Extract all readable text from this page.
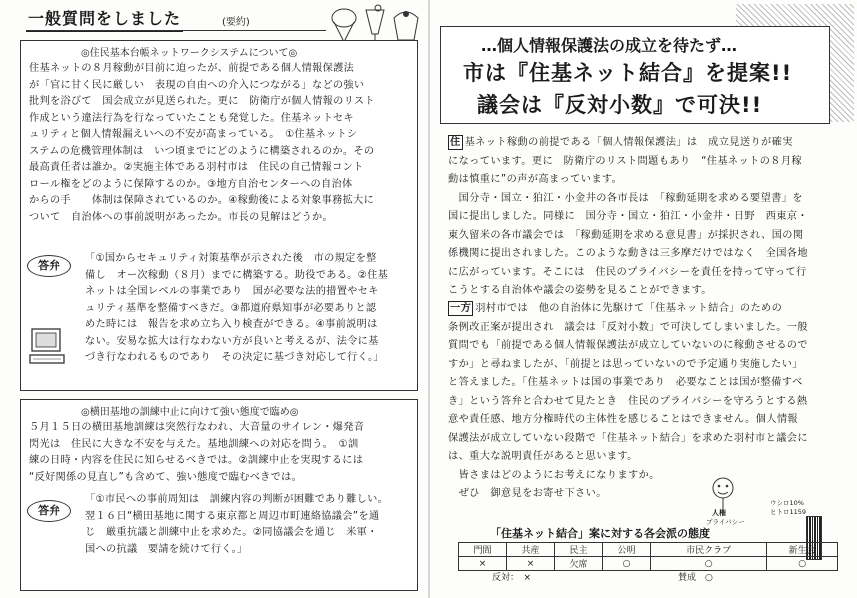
一般質問をしました	(要約)
◎住民基本台帳ネットワークシステムについて◎
住基ネットの８月稼動が目前に迫ったが、前提である個人情報保護法
が「官に甘く民に厳しい　表現の自由への介入につながる」などの強い
批判を浴びて　国会成立が見送られた。更に　防衛庁が個人情報のリスト
作成という違法行為を行なっていたことも発覚した。住基ネットセキ
ュリティと個人情報漏えいへの不安が高まっている。　①住基ネットシ
ステムの危機管理体制は　いつ頃までにどのように構築されるのか。その
最高責任者は誰か。②実施主体である羽村市は　住民の自己情報コント
ロール権をどのように保障するのか。③地方自治センターへの自治体
からの手　　体制は保障されているのか。④稼動後による対象事務拡大に
ついて　自治体への事前説明があったか。市長の見解はどうか。
答弁
「①国からセキュリティ対策基準が示された後　市の規定を整
備し　オー次稼動（８月）までに構築する。助役である。②住基
ネットは全国レベルの事業であり　国が必要な法的措置やセキ
ュリティ基準を整備すべきだ。③都道府県知事が必要ありと認
めた時には　報告を求め立ち入り検査ができる。④事前説明は
ない。安易な拡大は行なわない方が良いと考えるが、法令に基
づき行なわれるものであり　その決定に基づき対応して行く。」
◎横田基地の訓練中止に向けて強い態度で臨め◎
５月１５日の横田基地訓練は突然行なわれ、大音量のサイレン・爆発音
閃光は　住民に大きな不安を与えた。基地訓練への対応を問う。　①訓
練の日時・内容を住民に知らせるべきでは。②訓練中止を実現するには
“反好関係の見直し”も含めて、強い態度で臨むべきでは。
答弁
「①市民への事前周知は　訓練内容の判断が困難であり難しい。
翌１６日“横田基地に関する東京都と周辺市町連絡協議会”を通
じ　厳重抗議と訓練中止を求めた。②同協議会を通じ　米軍・
国への抗議　要請を続けて行く。」
…個人情報保護法の成立を待たず…
市は『住基ネット結合』を提案!!
議会は『反対小数』で可決!!
住 基ネット稼動の前提である「個人情報保護法」は　成立見送りが確実
になっています。更に　防衛庁のリスト問題もあり　“住基ネットの８月稼
動は慎重に”の声が高まっています。
　国分寺・国立・狛江・小金井の各市長は　「稼動延期を求める要望書」を
国に提出しました。同様に　国分寺・国立・狛江・小金井・日野　西東京・
東久留米の各市議会では　「稼動延期を求める意見書」が採択され、国の関
係機関に提出されました。このような動きは三多摩だけではなく　全国各地
に広がっています。そこには　住民のプライバシーを責任を持って守って行
こうとする自治体や議会の姿勢を見ることができます。
一方 羽村市では　他の自治体に先駆けて「住基ネット結合」のための
条例改正案が提出され　議会は「反対小数」で可決してしまいました。一般
質問でも「前提である個人情報保護法が成立していないのに稼動させるので
すか」と尋ねましたが、「前提とは思っていないので予定通り実施したい」
と答えました。「住基ネットは国の事業であり　必要なことは国が整備すべ
き」という答弁と合わせて見たとき　住民のプライバシーを守ろうとする熱
意や責任感、地方分権時代の主体性を感じることはできません。個人情報
保護法が成立していない段階で「住基ネット結合」を求めた羽村市と議会に
は、重大な説明責任があると思います。
　皆さまはどのようにお考えになりますか。
　ぜひ　御意見をお寄せ下さい。
人権
プライバシー
ウシロ10%
ヒトロ1159
「住基ネット結合」案に対する各会派の態度
門間	共産	民主	公明	市民クラブ	新生会
×	×	欠席	○	○	○
反対：　×	賛成　 ○
